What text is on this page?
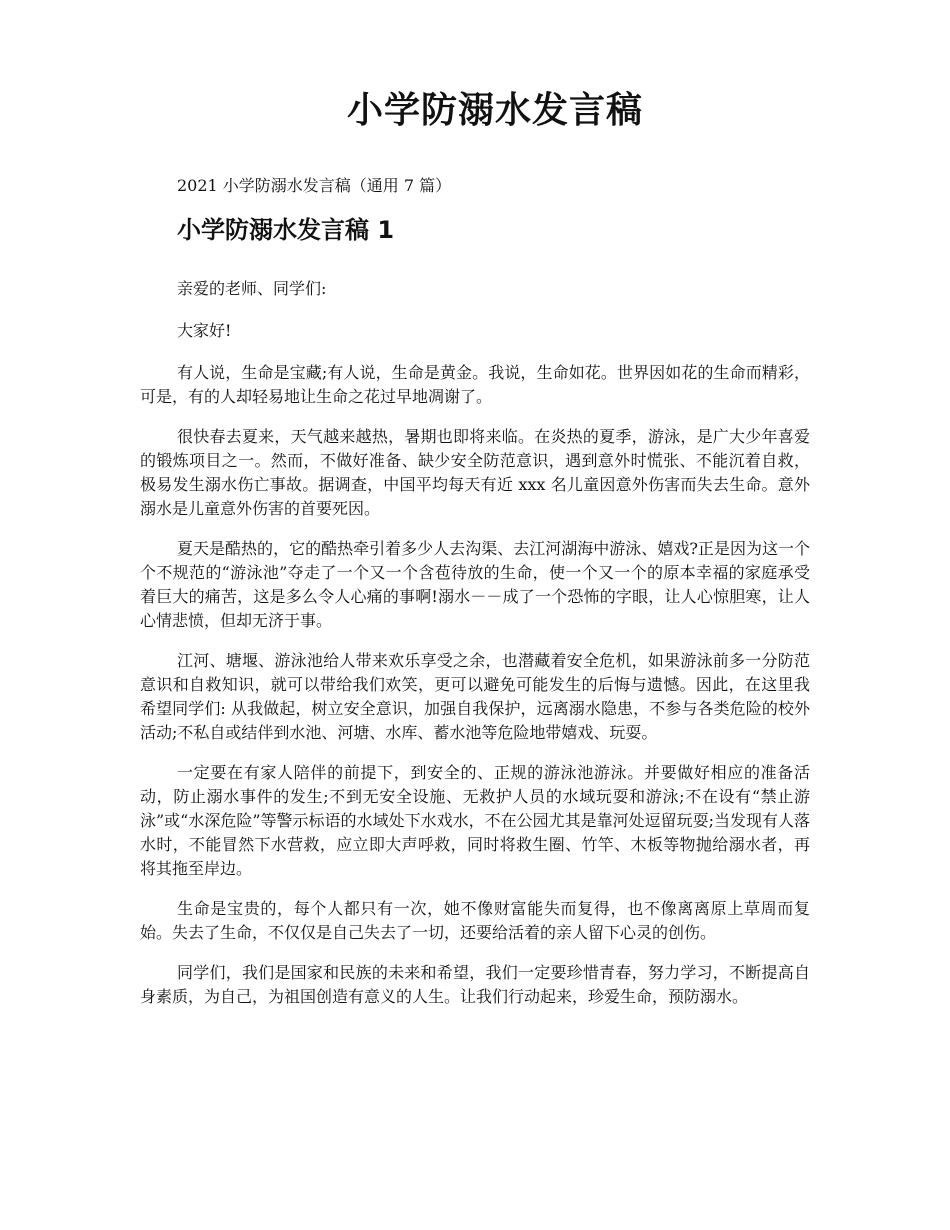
小学防溺水发言稿

2021 小学防溺水发言稿（通用 7 篇）

小学防溺水发言稿 1

亲爱的老师、同学们:

大家好!

有人说，生命是宝藏;有人说，生命是黄金。我说，生命如花。世界因如花的生命而精彩，可是，有的人却轻易地让生命之花过早地凋谢了。

很快春去夏来，天气越来越热，暑期也即将来临。在炎热的夏季，游泳，是广大少年喜爱的锻炼项目之一。然而，不做好准备、缺少安全防范意识，遇到意外时慌张、不能沉着自救，极易发生溺水伤亡事故。据调查，中国平均每天有近 xxx 名儿童因意外伤害而失去生命。意外溺水是儿童意外伤害的首要死因。

夏天是酷热的，它的酷热牵引着多少人去沟渠、去江河湖海中游泳、嬉戏?正是因为这一个个不规范的“游泳池”夺走了一个又一个含苞待放的生命，使一个又一个的原本幸福的家庭承受着巨大的痛苦，这是多么令人心痛的事啊!溺水－－成了一个恐怖的字眼，让人心惊胆寒，让人心情悲愤，但却无济于事。

江河、塘堰、游泳池给人带来欢乐享受之余，也潜藏着安全危机，如果游泳前多一分防范意识和自救知识，就可以带给我们欢笑，更可以避免可能发生的后悔与遗憾。因此，在这里我希望同学们: 从我做起，树立安全意识，加强自我保护，远离溺水隐患，不参与各类危险的校外活动;不私自或结伴到水池、河塘、水库、蓄水池等危险地带嬉戏、玩耍。

一定要在有家人陪伴的前提下，到安全的、正规的游泳池游泳。并要做好相应的准备活动，防止溺水事件的发生;不到无安全设施、无救护人员的水域玩耍和游泳;不在设有“禁止游泳”或“水深危险”等警示标语的水域处下水戏水，不在公园尤其是靠河处逗留玩耍;当发现有人落水时，不能冒然下水营救，应立即大声呼救，同时将救生圈、竹竿、木板等物抛给溺水者，再将其拖至岸边。

生命是宝贵的，每个人都只有一次，她不像财富能失而复得，也不像离离原上草周而复始。失去了生命，不仅仅是自己失去了一切，还要给活着的亲人留下心灵的创伤。

同学们，我们是国家和民族的未来和希望，我们一定要珍惜青春，努力学习，不断提高自身素质，为自己，为祖国创造有意义的人生。让我们行动起来，珍爱生命，预防溺水。
